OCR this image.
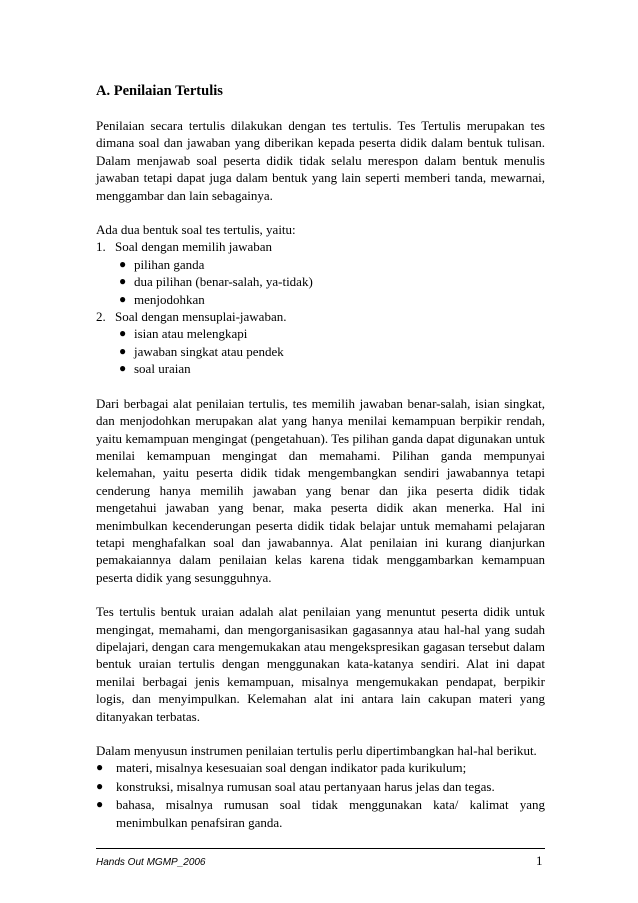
A. Penilaian Tertulis

Penilaian secara tertulis dilakukan dengan tes tertulis. Tes Tertulis merupakan tes dimana soal dan jawaban yang diberikan kepada peserta didik dalam bentuk tulisan. Dalam menjawab soal peserta didik tidak selalu merespon dalam bentuk menulis jawaban tetapi dapat juga dalam bentuk yang lain seperti memberi tanda, mewarnai, menggambar dan lain sebagainya.

Ada dua bentuk soal tes tertulis, yaitu:

1. Soal dengan memilih jawaban
● pilihan ganda
● dua pilihan (benar-salah, ya-tidak)
● menjodohkan
2. Soal dengan mensuplai-jawaban.
● isian atau melengkapi
● jawaban singkat atau pendek
● soal uraian

Dari berbagai alat penilaian tertulis, tes memilih jawaban benar-salah, isian singkat, dan menjodohkan merupakan alat yang hanya menilai kemampuan berpikir rendah, yaitu kemampuan mengingat (pengetahuan). Tes pilihan ganda dapat digunakan untuk menilai kemampuan mengingat dan memahami. Pilihan ganda mempunyai kelemahan, yaitu peserta didik tidak mengembangkan sendiri jawabannya tetapi cenderung hanya memilih jawaban yang benar dan jika peserta didik tidak mengetahui jawaban yang benar, maka peserta didik akan menerka. Hal ini menimbulkan kecenderungan peserta didik tidak belajar untuk memahami pelajaran tetapi menghafalkan soal dan jawabannya. Alat penilaian ini kurang dianjurkan pemakaiannya dalam penilaian kelas karena tidak menggambarkan kemampuan peserta didik yang sesungguhnya.

Tes tertulis bentuk uraian adalah alat penilaian yang menuntut peserta didik untuk mengingat, memahami, dan mengorganisasikan gagasannya atau hal-hal yang sudah dipelajari, dengan cara mengemukakan atau mengekspresikan gagasan tersebut dalam bentuk uraian tertulis dengan menggunakan kata-katanya sendiri. Alat ini dapat menilai berbagai jenis kemampuan, misalnya mengemukakan pendapat, berpikir logis, dan menyimpulkan. Kelemahan alat ini antara lain cakupan materi yang ditanyakan terbatas.

Dalam menyusun instrumen penilaian tertulis perlu dipertimbangkan hal-hal berikut.

● materi, misalnya kesesuaian soal dengan indikator pada kurikulum;
● konstruksi, misalnya rumusan soal atau pertanyaan harus jelas dan tegas.
● bahasa, misalnya rumusan soal tidak menggunakan kata/ kalimat yang menimbulkan penafsiran ganda.
Hands Out MGMP_2006	1
